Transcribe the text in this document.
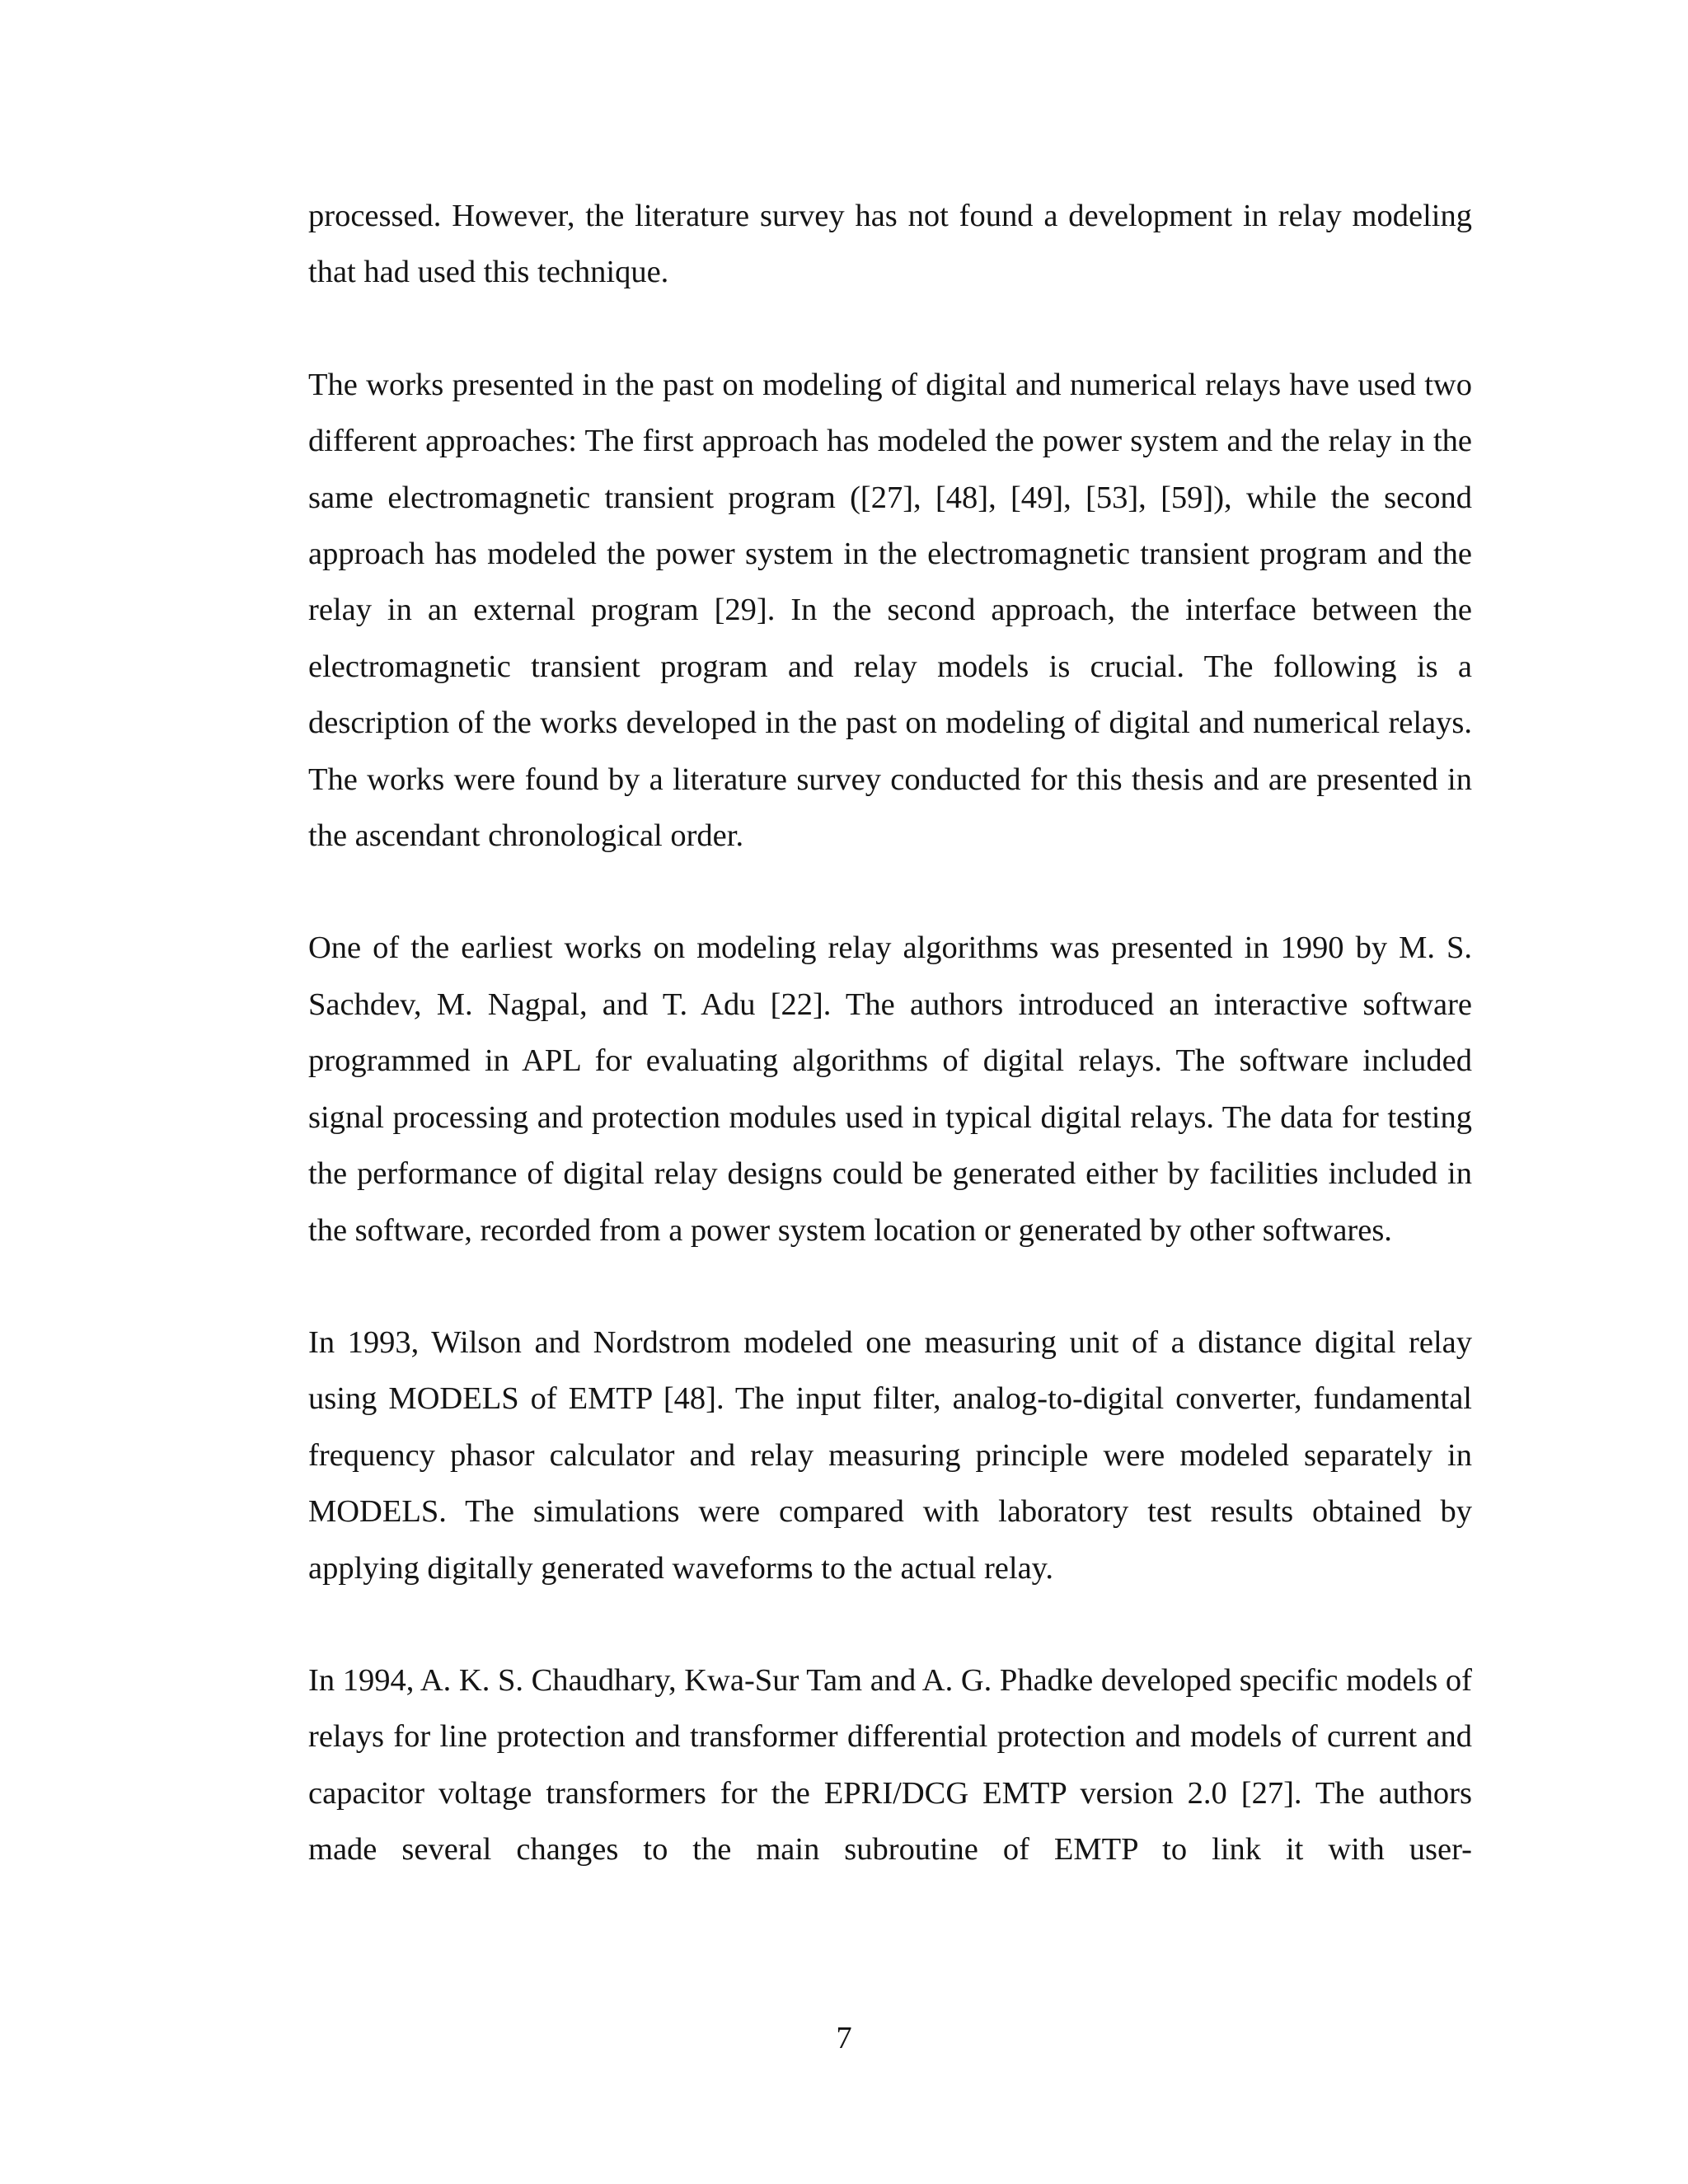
processed. However, the literature survey has not found a development in relay modeling that had used this technique.

The works presented in the past on modeling of digital and numerical relays have used two different approaches: The first approach has modeled the power system and the relay in the same electromagnetic transient program ([27], [48], [49], [53], [59]), while the second approach has modeled the power system in the electromagnetic transient program and the relay in an external program [29]. In the second approach, the interface between the electromagnetic transient program and relay models is crucial. The following is a description of the works developed in the past on modeling of digital and numerical relays. The works were found by a literature survey conducted for this thesis and are presented in the ascendant chronological order.

One of the earliest works on modeling relay algorithms was presented in 1990 by M. S. Sachdev, M. Nagpal, and T. Adu [22]. The authors introduced an interactive software programmed in APL for evaluating algorithms of digital relays. The software included signal processing and protection modules used in typical digital relays. The data for testing the performance of digital relay designs could be generated either by facilities included in the software, recorded from a power system location or generated by other softwares.

In 1993, Wilson and Nordstrom modeled one measuring unit of a distance digital relay using MODELS of EMTP [48]. The input filter, analog-to-digital converter, fundamental frequency phasor calculator and relay measuring principle were modeled separately in MODELS. The simulations were compared with laboratory test results obtained by applying digitally generated waveforms to the actual relay.

In 1994, A. K. S. Chaudhary, Kwa-Sur Tam and A. G. Phadke developed specific models of relays for line protection and transformer differential protection and models of current and capacitor voltage transformers for the EPRI/DCG EMTP version 2.0 [27]. The authors made several changes to the main subroutine of EMTP to link it with user-

7
